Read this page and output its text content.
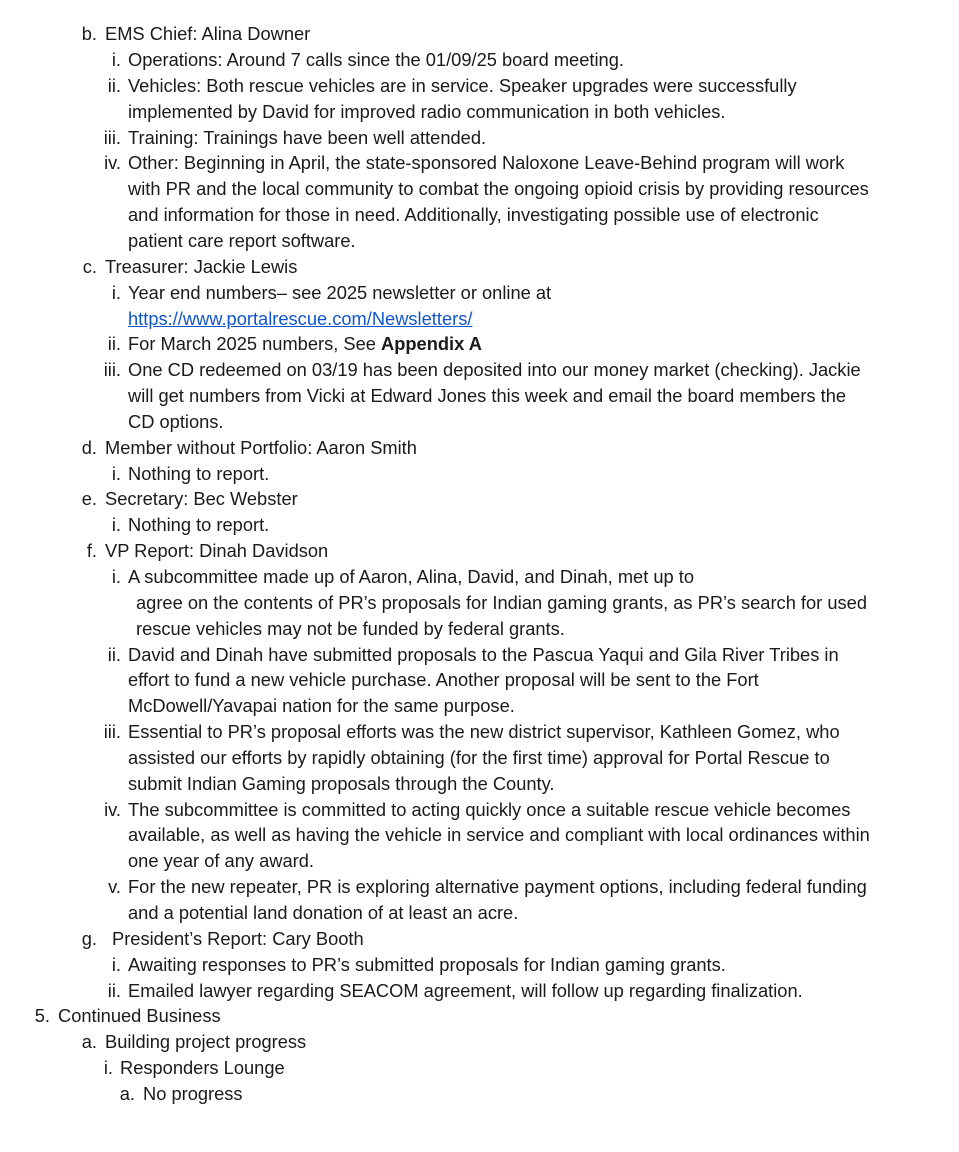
b. EMS Chief: Alina Downer
i. Operations: Around 7 calls since the 01/09/25 board meeting.
ii. Vehicles: Both rescue vehicles are in service. Speaker upgrades were successfully
implemented by David for improved radio communication in both vehicles.
iii. Training: Trainings have been well attended.
iv. Other: Beginning in April, the state-sponsored Naloxone Leave-Behind program will work
with PR and the local community to combat the ongoing opioid crisis by providing resources
and information for those in need. Additionally, investigating possible use of electronic
patient care report software.
c. Treasurer: Jackie Lewis
i. Year end numbers– see 2025 newsletter or online at
https://www.portalrescue.com/Newsletters/
ii. For March 2025 numbers, See Appendix A
iii. One CD redeemed on 03/19 has been deposited into our money market (checking). Jackie
will get numbers from Vicki at Edward Jones this week and email the board members the
CD options.
d. Member without Portfolio: Aaron Smith
i. Nothing to report.
e. Secretary: Bec Webster
i. Nothing to report.
f. VP Report: Dinah Davidson
i. A subcommittee made up of Aaron, Alina, David, and Dinah, met up to
agree on the contents of PR’s proposals for Indian gaming grants, as PR’s search for used
rescue vehicles may not be funded by federal grants.
ii. David and Dinah have submitted proposals to the Pascua Yaqui and Gila River Tribes in
effort to fund a new vehicle purchase. Another proposal will be sent to the Fort
McDowell/Yavapai nation for the same purpose.
iii. Essential to PR’s proposal efforts was the new district supervisor, Kathleen Gomez, who
assisted our efforts by rapidly obtaining (for the first time) approval for Portal Rescue to
submit Indian Gaming proposals through the County.
iv. The subcommittee is committed to acting quickly once a suitable rescue vehicle becomes
available, as well as having the vehicle in service and compliant with local ordinances within
one year of any award.
v. For the new repeater, PR is exploring alternative payment options, including federal funding
and a potential land donation of at least an acre.
g. President’s Report: Cary Booth
i. Awaiting responses to PR’s submitted proposals for Indian gaming grants.
ii. Emailed lawyer regarding SEACOM agreement, will follow up regarding finalization.
5. Continued Business
a. Building project progress
i. Responders Lounge
a. No progress
